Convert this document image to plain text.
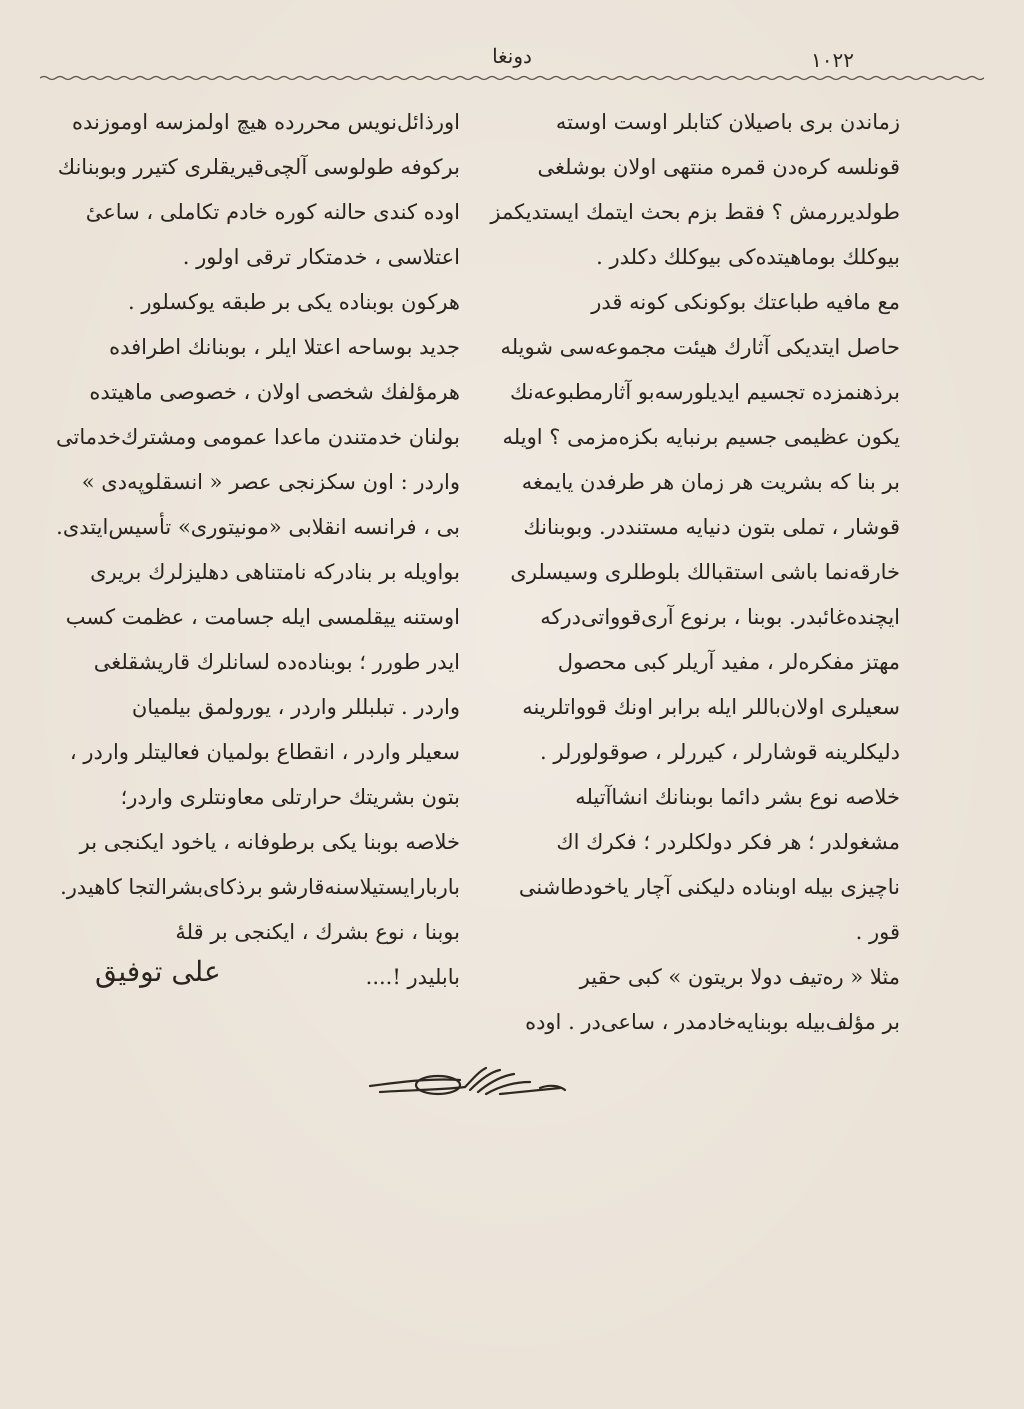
١٠٢٢
دونغا
زماندن بری باصیلان کتابلر اوست اوسته
قونلسه کره‌دن قمره منتهی اولان بوشلغی
طولدیررمش ؟ فقط بزم بحث ایتمك ایستدیکمز
بیوكلك بوماهیتده‌كی بیوكلك دكلدر .
مع مافیه طباعتك بوكونكی کونه قدر
حاصل ایتدیکی آثارك هیئت مجموعه‌سی شویله
برذهنمزده تجسیم ایدیلورسه‌بو آثارمطبوعه‌نك
یکون عظیمی جسیم برنبایه بکزه‌مزمی ؟ اویله
بر بنا كه بشریت هر زمان هر طرفدن یایمغه
قوشار ، تملی بتون دنیایه مستنددر. وبوبنانك
خارقه‌نما باشی استقبالك بلوطلری وسیسلری
ایچنده‌غائبدر. بوبنا ، برنوع آری‌قوواتی‌درکه
مهتز مفکره‌لر ، مفید آریلر کبی محصول
سعیلری اولان‌باللر ایله برابر اونك قوواتلرینه
دلیکلرینه قوشارلر ، کیررلر ، صوقولورلر .
خلاصه نوع بشر دائما بوبنانك انشاآتیله
مشغولدر ؛ هر فکر دولکلردر ؛ فکرك اك
ناچیزی بیله اوبناده دلیکنی آچار یاخودطاشنی
قور .
مثلا « ره‌تیف دولا بریتون » کبی حقیر
بر مؤلف‌بیله بوبنایه‌خادمدر ، ساعی‌در . اوده
اورذائل‌نویس محررده هیچ اولمزسه اوموزنده
برکوفه طولوسی آلچی‌قیریقلری کتیرر وبوبنانك
اوده کندی حالنه کوره خادم تکاملی ، ساعیٔ
اعتلاسی ، خدمتکار ترقی اولور .
هرکون بوبناده یکی بر طبقه یوکسلور .
جدید بوساحه اعتلا ایلر ، بوبنانك اطرافده
هرمؤلفك شخصی اولان ، خصوصی ماهیتده
بولنان خدمتندن ماعدا عمومی ومشترك‌خدماتی
واردر : اون سکزنجی عصر « انسقلوپه‌دی »
بی ، فرانسه انقلابی «مونیتوری» تأسیس‌ایتدی.
بواویله بر بنادرکه نامتناهی دهلیزلرك بریری
اوستنه ییقلمسی ایله جسامت ، عظمت کسب
ایدر طورر ؛ بوبناده‌ده لسانلرك قاریشقلغی
واردر . تبلبللر واردر ، یورولمق بیلمیان
سعیلر واردر ، انقطاع بولمیان فعالیتلر واردر ،
بتون بشریتك حرارتلی معاونتلری واردر؛
خلاصه بوبنا یکی برطوفانه ، یاخود ایکنجی بر
باربارایستیلاسنه‌قارشو برذکای‌بشرالتجا کاهیدر.
بوبنا ، نوع بشرك ، ایکنجی بر قله‌ٔ
بابلیدر !....
علی توفیق
